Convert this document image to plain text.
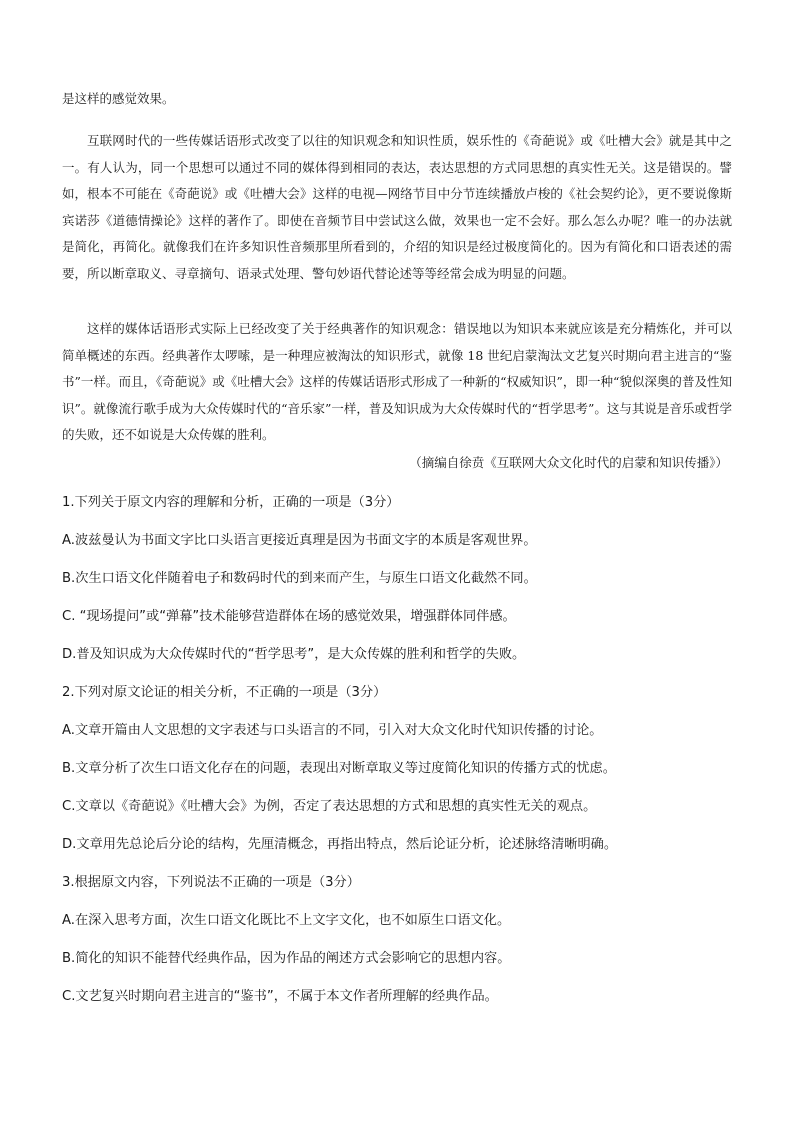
是这样的感觉效果。

互联网时代的一些传媒话语形式改变了以往的知识观念和知识性质，娱乐性的《奇葩说》或《吐槽大会》就是其中之一。有人认为，同一个思想可以通过不同的媒体得到相同的表达，表达思想的方式同思想的真实性无关。这是错误的。譬如，根本不可能在《奇葩说》或《吐槽大会》这样的电视—网络节目中分节连续播放卢梭的《社会契约论》，更不要说像斯宾诺莎《道德情操论》这样的著作了。即使在音频节目中尝试这么做，效果也一定不会好。那么怎么办呢？唯一的办法就是简化，再简化。就像我们在许多知识性音频那里所看到的，介绍的知识是经过极度简化的。因为有简化和口语表述的需要，所以断章取义、寻章摘句、语录式处理、警句妙语代替论述等等经常会成为明显的问题。

这样的媒体话语形式实际上已经改变了关于经典著作的知识观念：错误地以为知识本来就应该是充分精炼化，并可以简单概述的东西。经典著作太啰嗦，是一种理应被淘汰的知识形式，就像 18 世纪启蒙淘汰文艺复兴时期向君主进言的“鉴书”一样。而且，《奇葩说》或《吐槽大会》这样的传媒话语形式形成了一种新的“权威知识”，即一种“貌似深奥的普及性知识”。就像流行歌手成为大众传媒时代的“音乐家”一样，普及知识成为大众传媒时代的“哲学思考”。这与其说是音乐或哲学的失败，还不如说是大众传媒的胜利。

（摘编自徐贲《互联网大众文化时代的启蒙和知识传播》）

1.下列关于原文内容的理解和分析，正确的一项是（3分）

A.波兹曼认为书面文字比口头语言更接近真理是因为书面文字的本质是客观世界。

B.次生口语文化伴随着电子和数码时代的到来而产生，与原生口语文化截然不同。

C. “现场提问”或“弹幕”技术能够营造群体在场的感觉效果，增强群体同伴感。

D.普及知识成为大众传媒时代的“哲学思考”，是大众传媒的胜利和哲学的失败。

2.下列对原文论证的相关分析，不正确的一项是（3分）

A.文章开篇由人文思想的文字表述与口头语言的不同，引入对大众文化时代知识传播的讨论。

B.文章分析了次生口语文化存在的问题，表现出对断章取义等过度简化知识的传播方式的忧虑。

C.文章以《奇葩说》《吐槽大会》为例，否定了表达思想的方式和思想的真实性无关的观点。

D.文章用先总论后分论的结构，先厘清概念，再指出特点，然后论证分析，论述脉络清晰明确。

3.根据原文内容，下列说法不正确的一项是（3分）

A.在深入思考方面，次生口语文化既比不上文字文化，也不如原生口语文化。

B.简化的知识不能替代经典作品，因为作品的阐述方式会影响它的思想内容。

C.文艺复兴时期向君主进言的“鉴书”，不属于本文作者所理解的经典作品。
